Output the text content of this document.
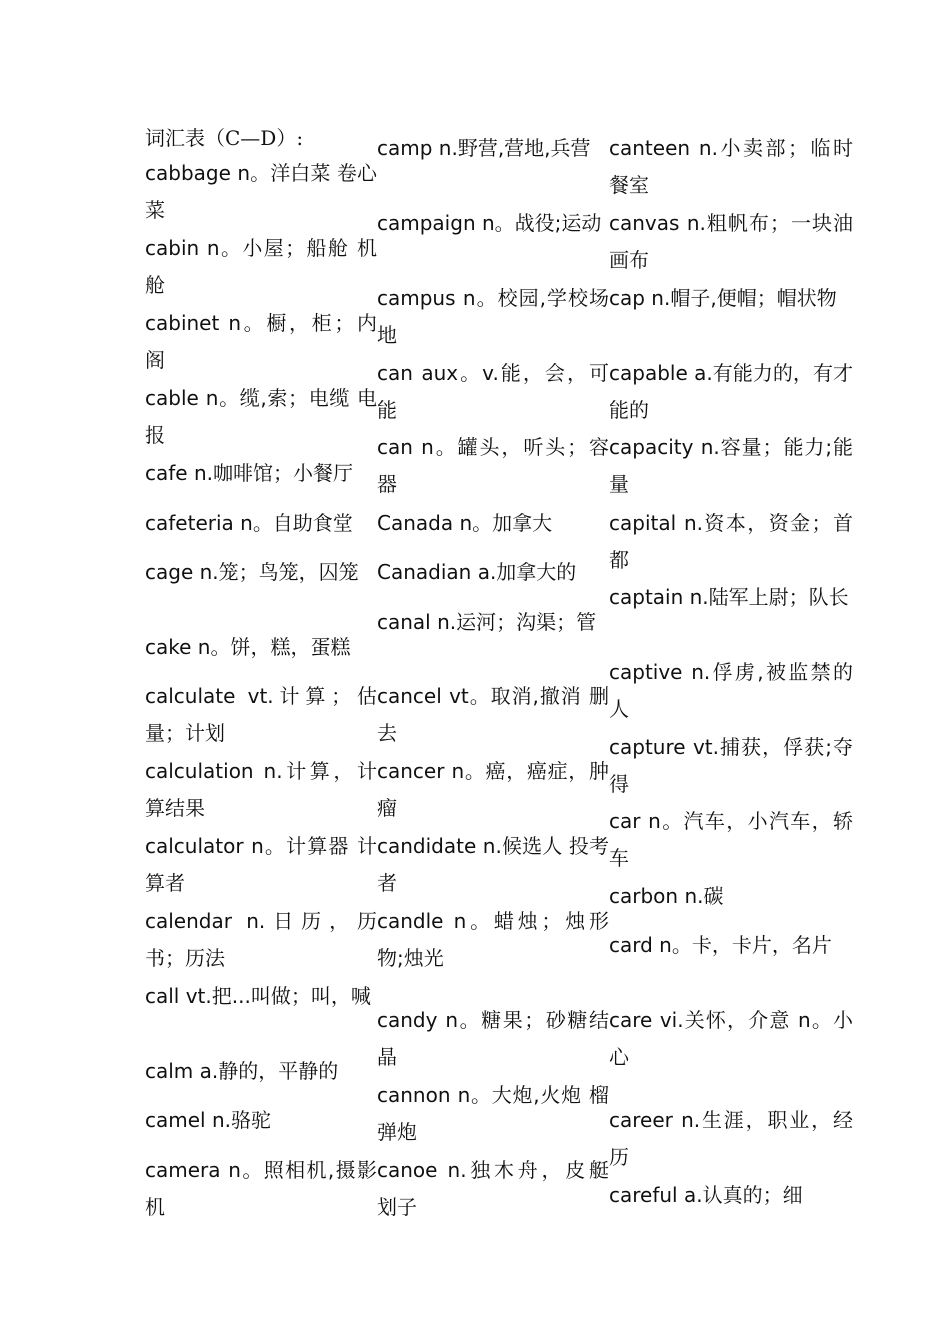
词汇表（C—D）:
cabbage n。洋白菜 卷心菜
cabin n。小屋；船舱 机舱
cabinet n。橱，柜；内阁
cable n。缆,索；电缆 电报
cafe n.咖啡馆；小餐厅
cafeteria n。自助食堂
cage n.笼；鸟笼，囚笼
cake n。饼，糕，蛋糕
calculate vt.计算；估量；计划
calculation n.计算，计算结果
calculator n。计算器 计算者
calendar n.日历，历书；历法
call vt.把...叫做；叫，喊
calm a.静的，平静的
camel n.骆驼
camera n。照相机,摄影机
camp n.野营,营地,兵营
campaign n。战役;运动
campus n。校园,学校场地
can aux。v.能，会，可能
can n。罐头，听头；容器
Canada n。加拿大
Canadian a.加拿大的
canal n.运河；沟渠；管
cancel vt。取消,撤消 删去
cancer n。癌，癌症，肿瘤
candidate n.候选人 投考者
candle n。蜡烛；烛形物;烛光
candy n。糖果；砂糖结晶
cannon n。大炮,火炮 榴弹炮
canoe n.独木舟，皮艇 划子
canteen n.小卖部；临时餐室
canvas n.粗帆布；一块油画布
cap n.帽子,便帽；帽状物
capable a.有能力的，有才能的
capacity n.容量；能力;能量
capital n.资本，资金；首都
captain n.陆军上尉；队长
captive n.俘虏,被监禁的人
capture vt.捕获，俘获;夺得
car n。汽车，小汽车，轿车
carbon n.碳
card n。卡，卡片，名片
care vi.关怀，介意 n。小心
career n.生涯，职业，经历
careful a.认真的；细
